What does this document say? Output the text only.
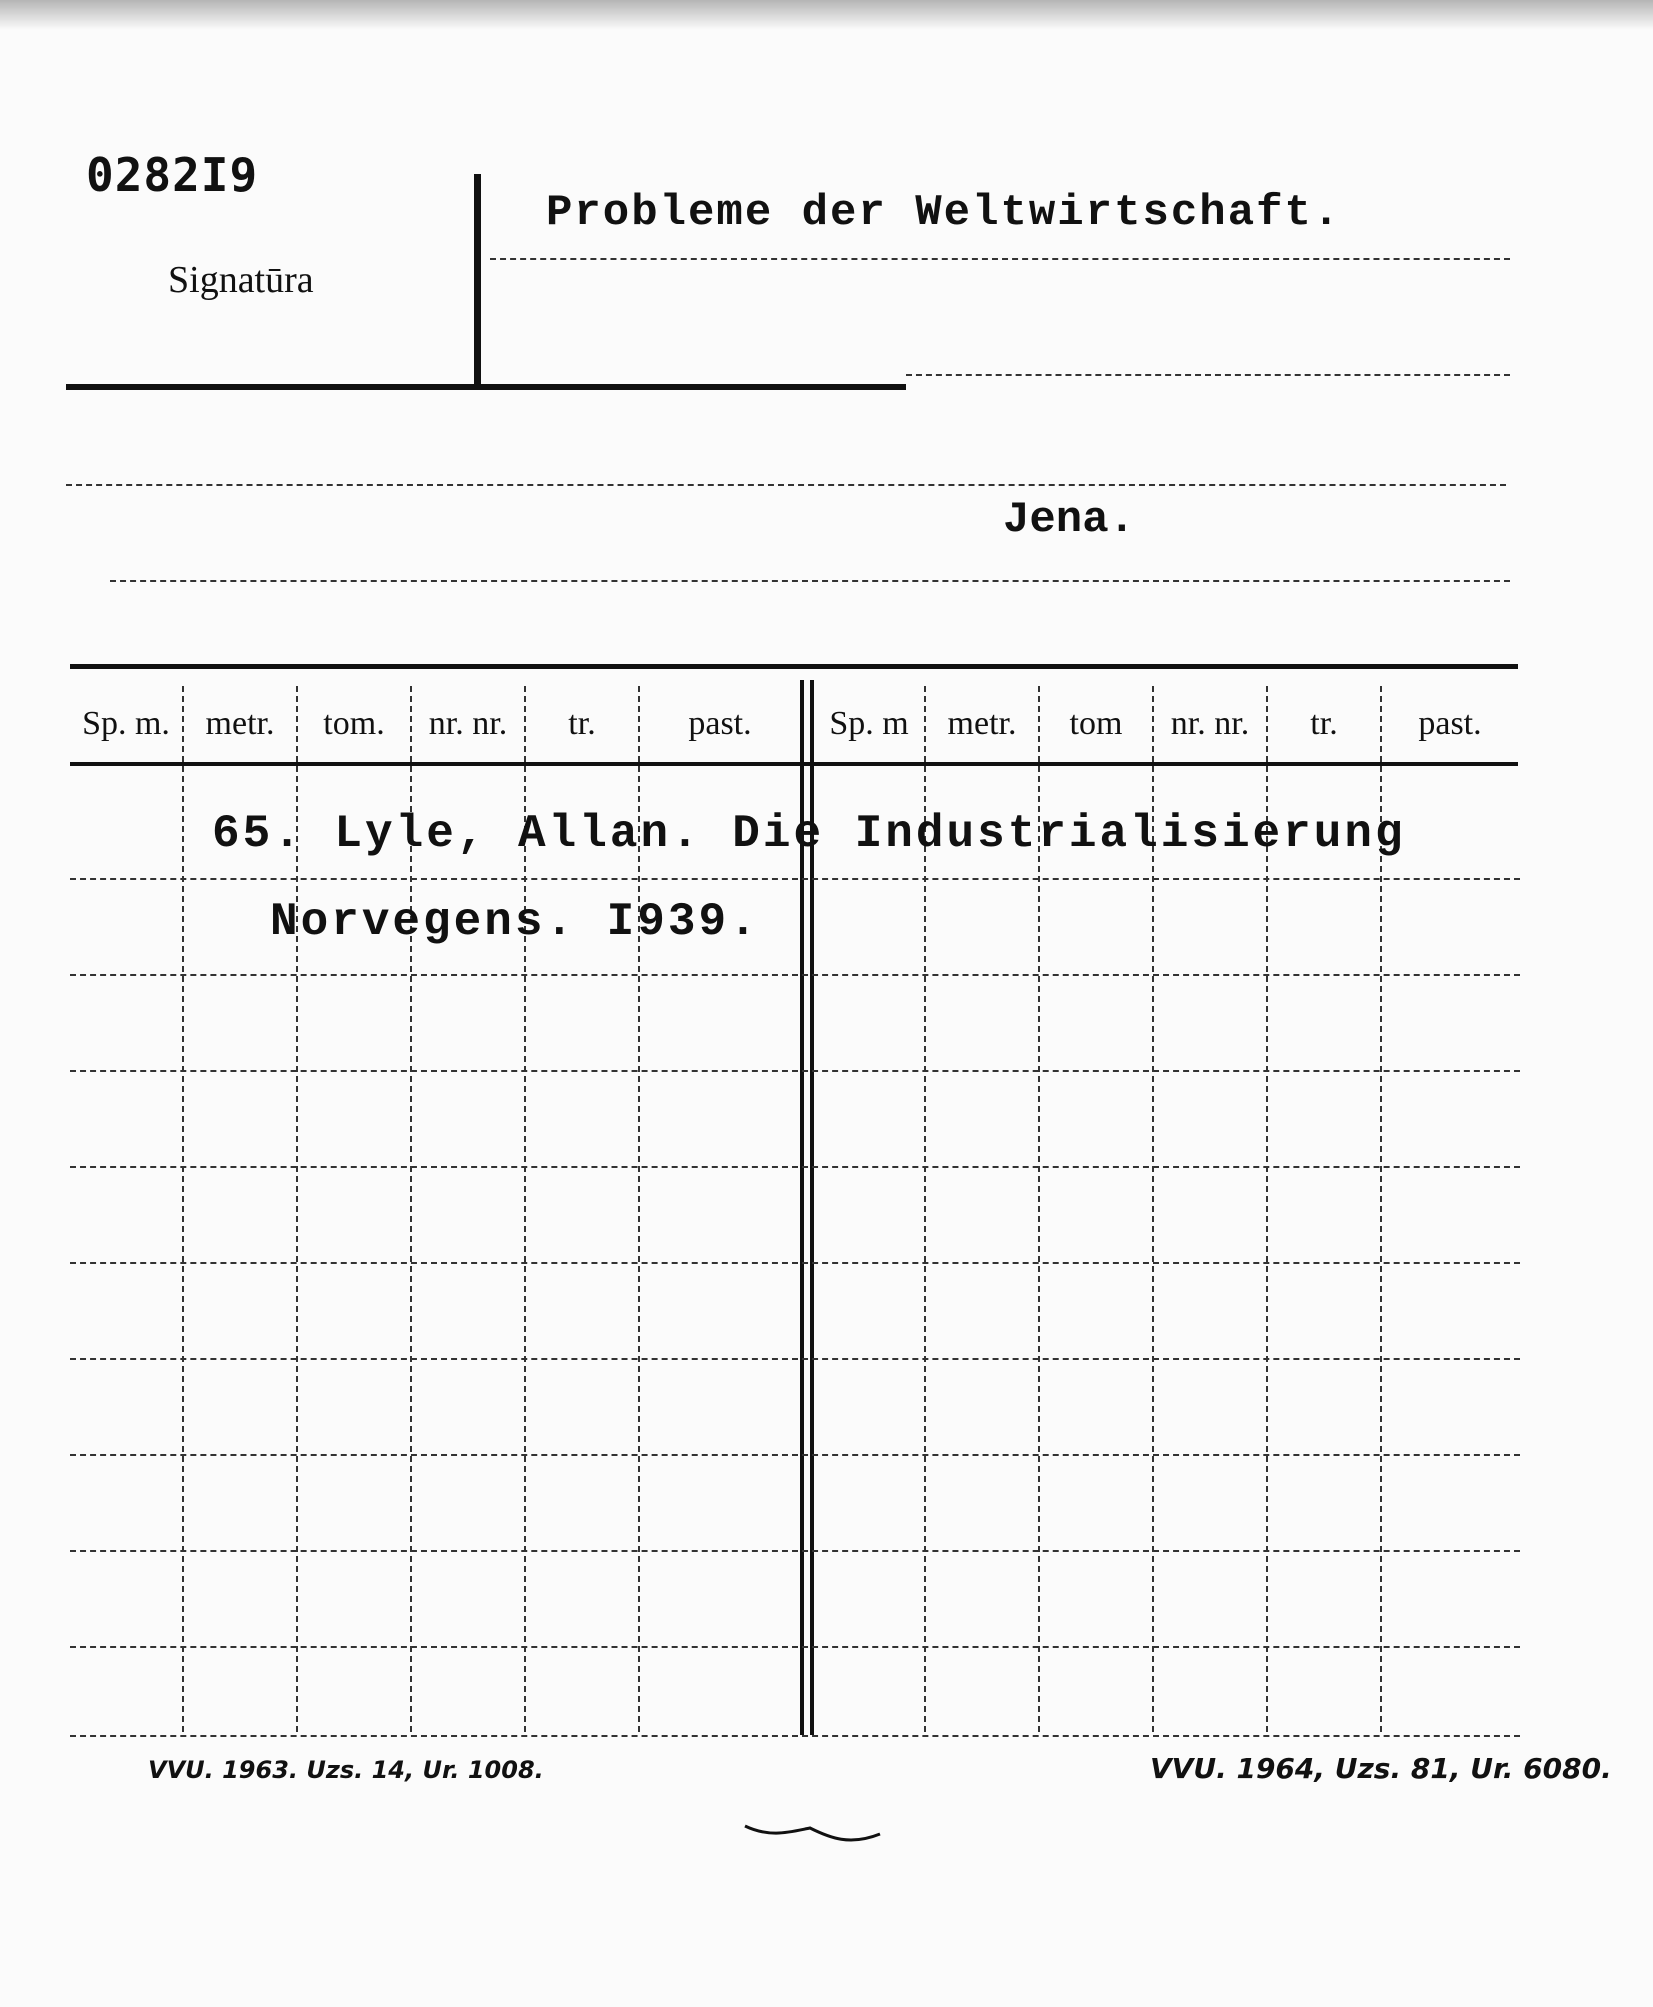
0282I9
Signatūra
Probleme der Weltwirtschaft.
Jena.
Sp. m.	metr.	tom.	nr. nr.	tr.	past.	Sp. m	metr.	tom	nr. nr.	tr.	past.
65. Lyle, Allan. Die Industrialisierung
Norvegens. I939.
VVU. 1963. Uzs. 14, Ur. 1008.	VVU. 1964, Uzs. 81, Ur. 6080.
